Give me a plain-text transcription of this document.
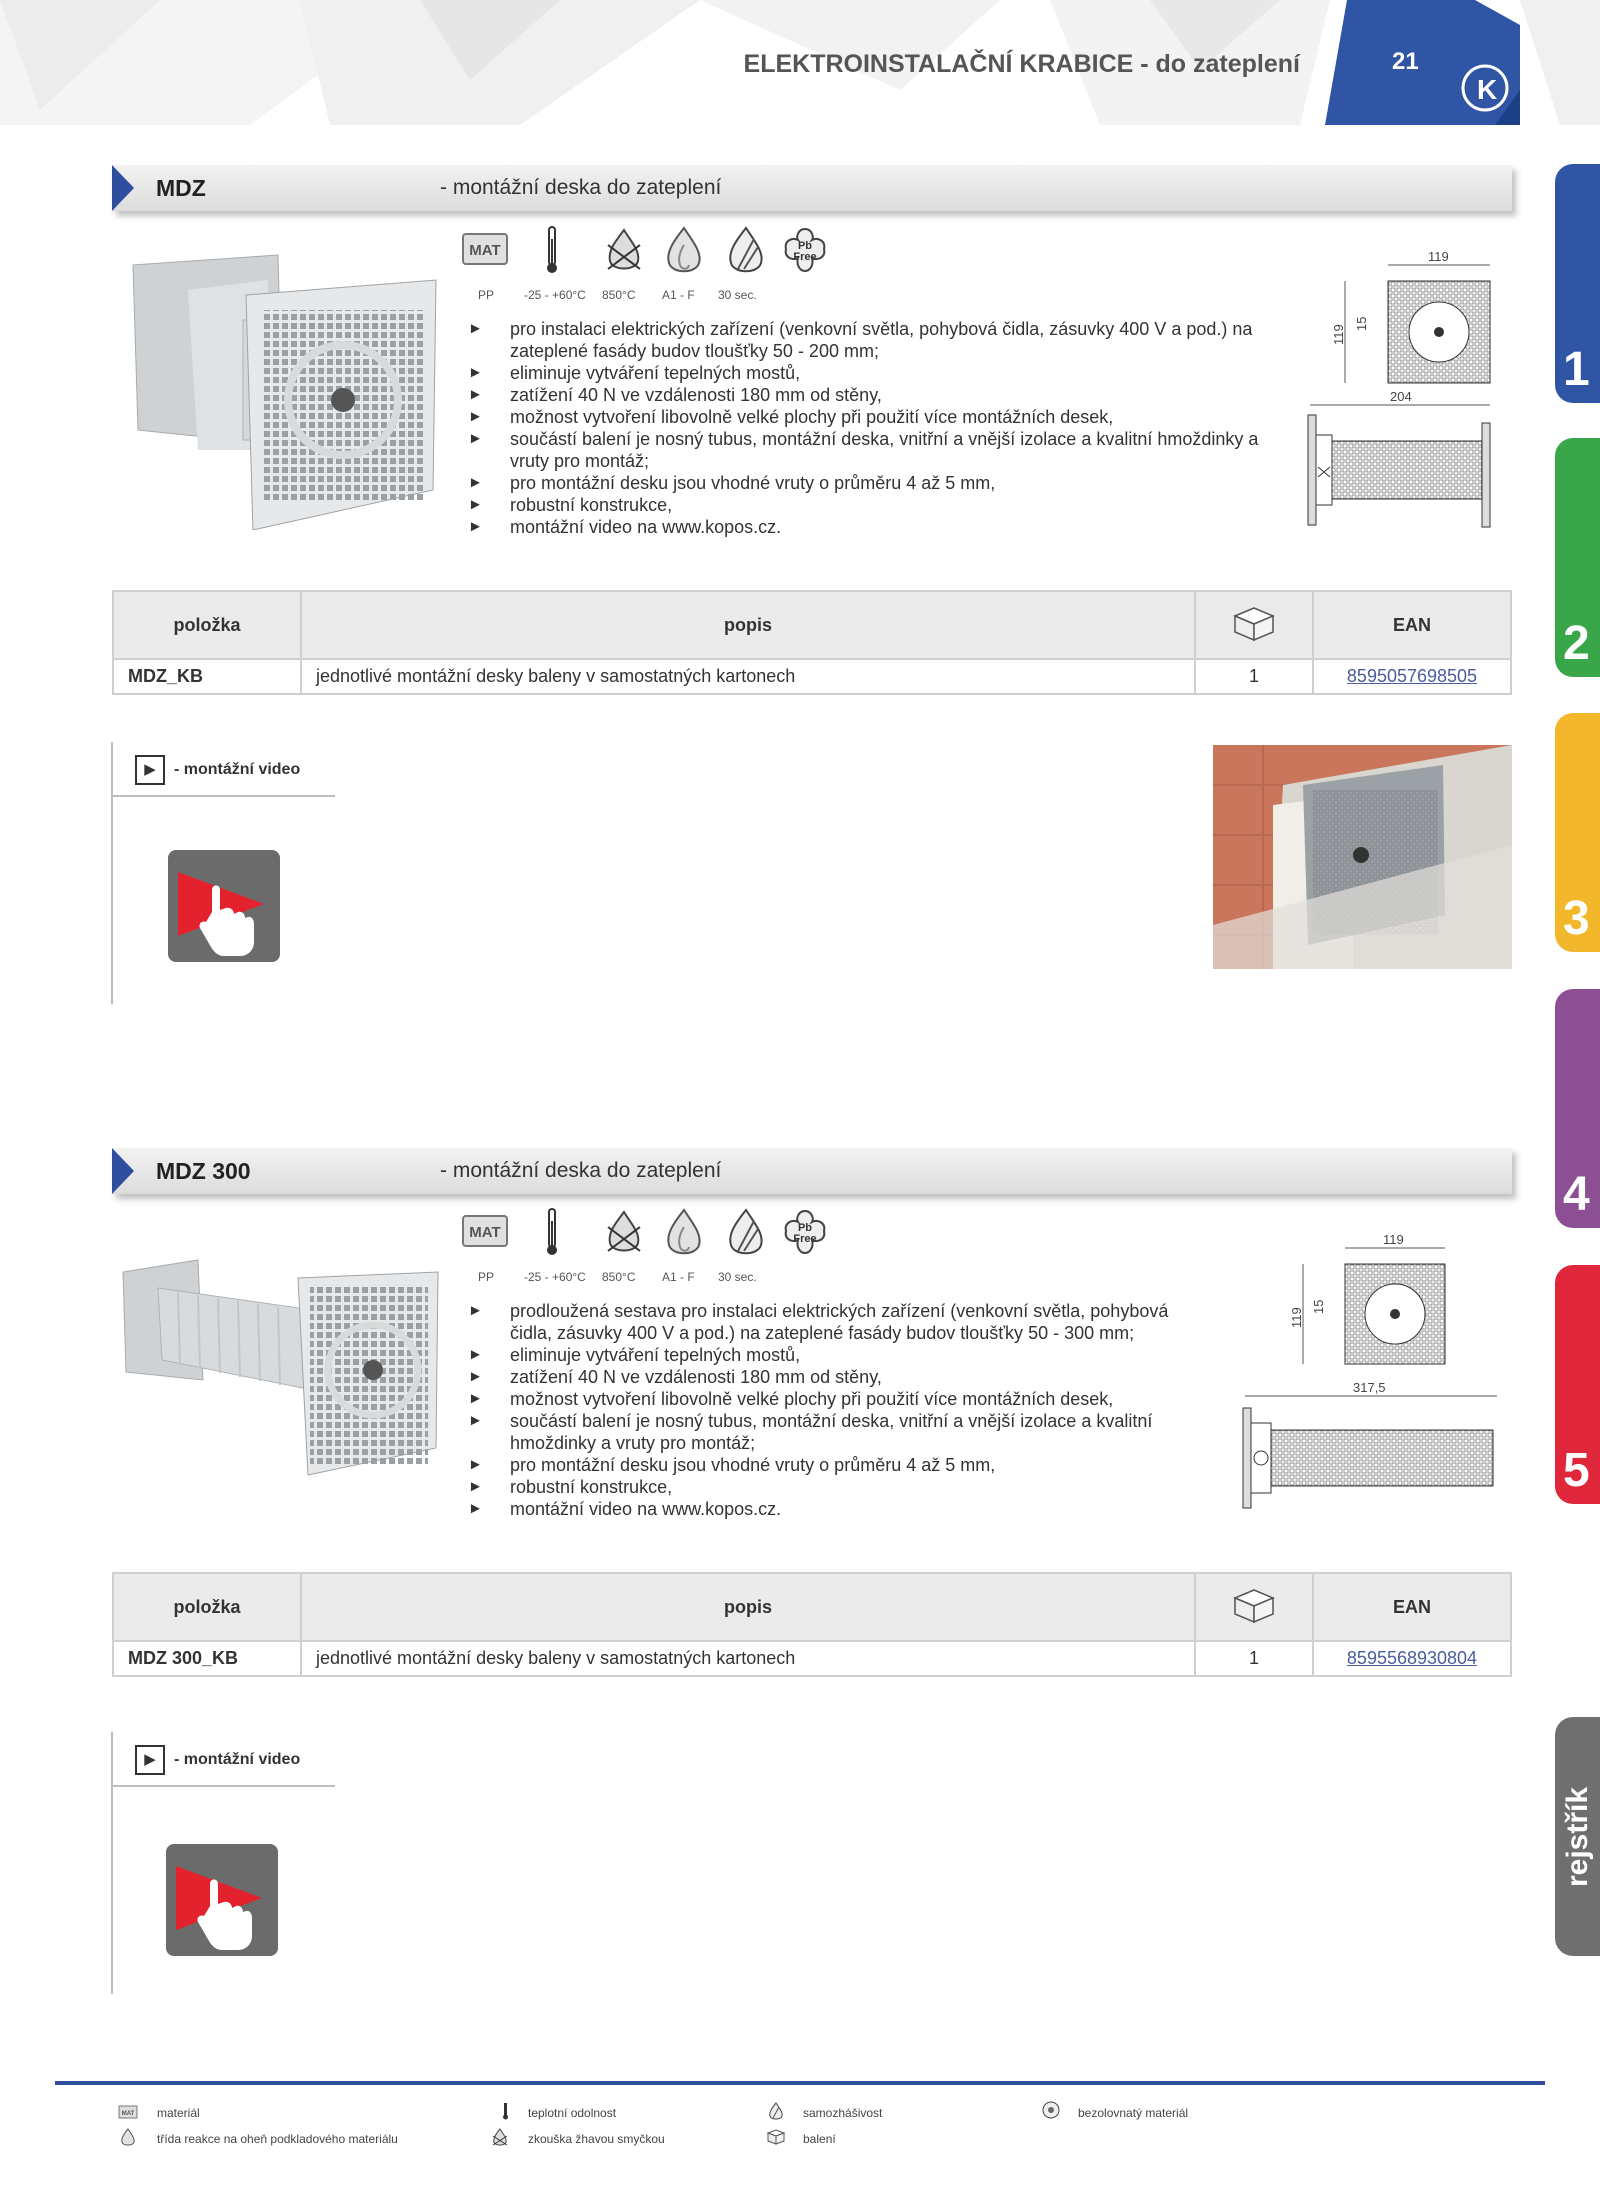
ELEKTROINSTALAČNÍ KRABICE - do zateplení
K
21
1
2
3
4
5
rejstřík
MDZ	- montážní deska do zateplení
MAT	Pb
Free
PP -25 - +60°C 850°C A1 - F 30 sec.
► pro instalaci elektrických zařízení (venkovní světla, pohybová čidla, zásuvky 400 V a pod.) na zateplené fasády budov tloušťky 50 - 200 mm;
► eliminuje vytváření tepelných mostů,
► zatížení 40 N ve vzdálenosti 180 mm od stěny,
► možnost vytvoření libovolně velké plochy při použití více montážních desek,
► součástí balení je nosný tubus, montážní deska, vnitřní a vnější izolace a kvalitní hmoždinky a vruty pro montáž;
► pro montážní desku jsou vhodné vruty o průměru 4 až 5 mm,
► robustní konstrukce,
► montážní video na www.kopos.cz.
119
119
15
204
položka	popis		EAN
MDZ_KB	jednotlivé montážní desky baleny v samostatných kartonech	1	8595057698505
▶	- montážní video
MDZ 300	- montážní deska do zateplení
MAT	Pb
Free
PP -25 - +60°C 850°C A1 - F 30 sec.
► prodloužená sestava pro instalaci elektrických zařízení (venkovní světla, pohybová čidla, zásuvky 400 V a pod.) na zateplené fasády budov tloušťky 50 - 300 mm;
► eliminuje vytváření tepelných mostů,
► zatížení 40 N ve vzdálenosti 180 mm od stěny,
► možnost vytvoření libovolně velké plochy při použití více montážních desek,
► součástí balení je nosný tubus, montážní deska, vnitřní a vnější izolace a kvalitní hmoždinky a vruty pro montáž;
► pro montážní desku jsou vhodné vruty o průměru 4 až 5 mm,
► robustní konstrukce,
► montážní video na www.kopos.cz.
119
119
15
317,5
položka	popis		EAN
MDZ 300_KB	jednotlivé montážní desky baleny v samostatných kartonech	1	8595568930804
▶	- montážní video
MAT materiál	teplotní odolnost	samozhášivost	bezolovnatý materiál
třída reakce na oheň podkladového materiálu	zkouška žhavou smyčkou	balení
